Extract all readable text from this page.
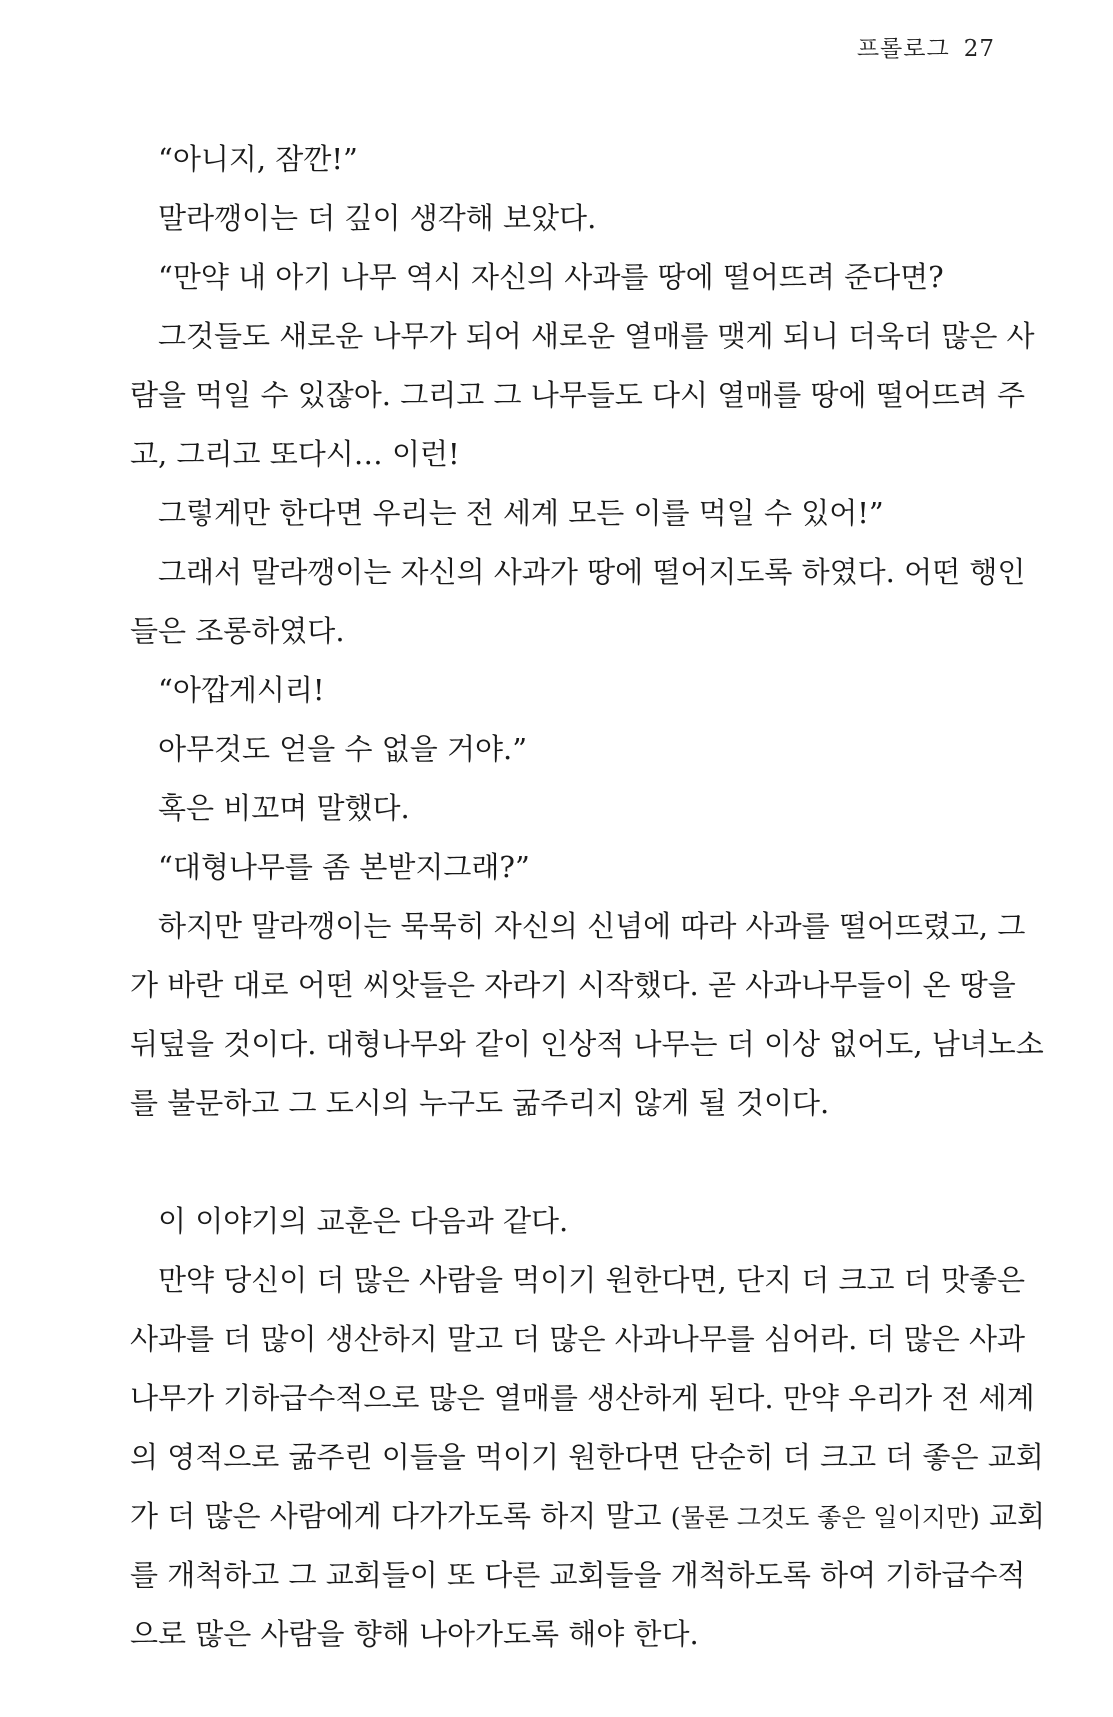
프롤로그 27
“아니지, 잠깐!”
말라깽이는 더 깊이 생각해 보았다.
“만약 내 아기 나무 역시 자신의 사과를 땅에 떨어뜨려 준다면?
그것들도 새로운 나무가 되어 새로운 열매를 맺게 되니 더욱더 많은 사
람을 먹일 수 있잖아. 그리고 그 나무들도 다시 열매를 땅에 떨어뜨려 주
고, 그리고 또다시… 이런!
그렇게만 한다면 우리는 전 세계 모든 이를 먹일 수 있어!”
그래서 말라깽이는 자신의 사과가 땅에 떨어지도록 하였다. 어떤 행인
들은 조롱하였다.
“아깝게시리!
아무것도 얻을 수 없을 거야.”
혹은 비꼬며 말했다.
“대형나무를 좀 본받지그래?”
하지만 말라깽이는 묵묵히 자신의 신념에 따라 사과를 떨어뜨렸고, 그
가 바란 대로 어떤 씨앗들은 자라기 시작했다. 곧 사과나무들이 온 땅을
뒤덮을 것이다. 대형나무와 같이 인상적 나무는 더 이상 없어도, 남녀노소
를 불문하고 그 도시의 누구도 굶주리지 않게 될 것이다.
이 이야기의 교훈은 다음과 같다.
만약 당신이 더 많은 사람을 먹이기 원한다면, 단지 더 크고 더 맛좋은
사과를 더 많이 생산하지 말고 더 많은 사과나무를 심어라. 더 많은 사과
나무가 기하급수적으로 많은 열매를 생산하게 된다. 만약 우리가 전 세계
의 영적으로 굶주린 이들을 먹이기 원한다면 단순히 더 크고 더 좋은 교회
가 더 많은 사람에게 다가가도록 하지 말고 (물론 그것도 좋은 일이지만) 교회
를 개척하고 그 교회들이 또 다른 교회들을 개척하도록 하여 기하급수적
으로 많은 사람을 향해 나아가도록 해야 한다.
